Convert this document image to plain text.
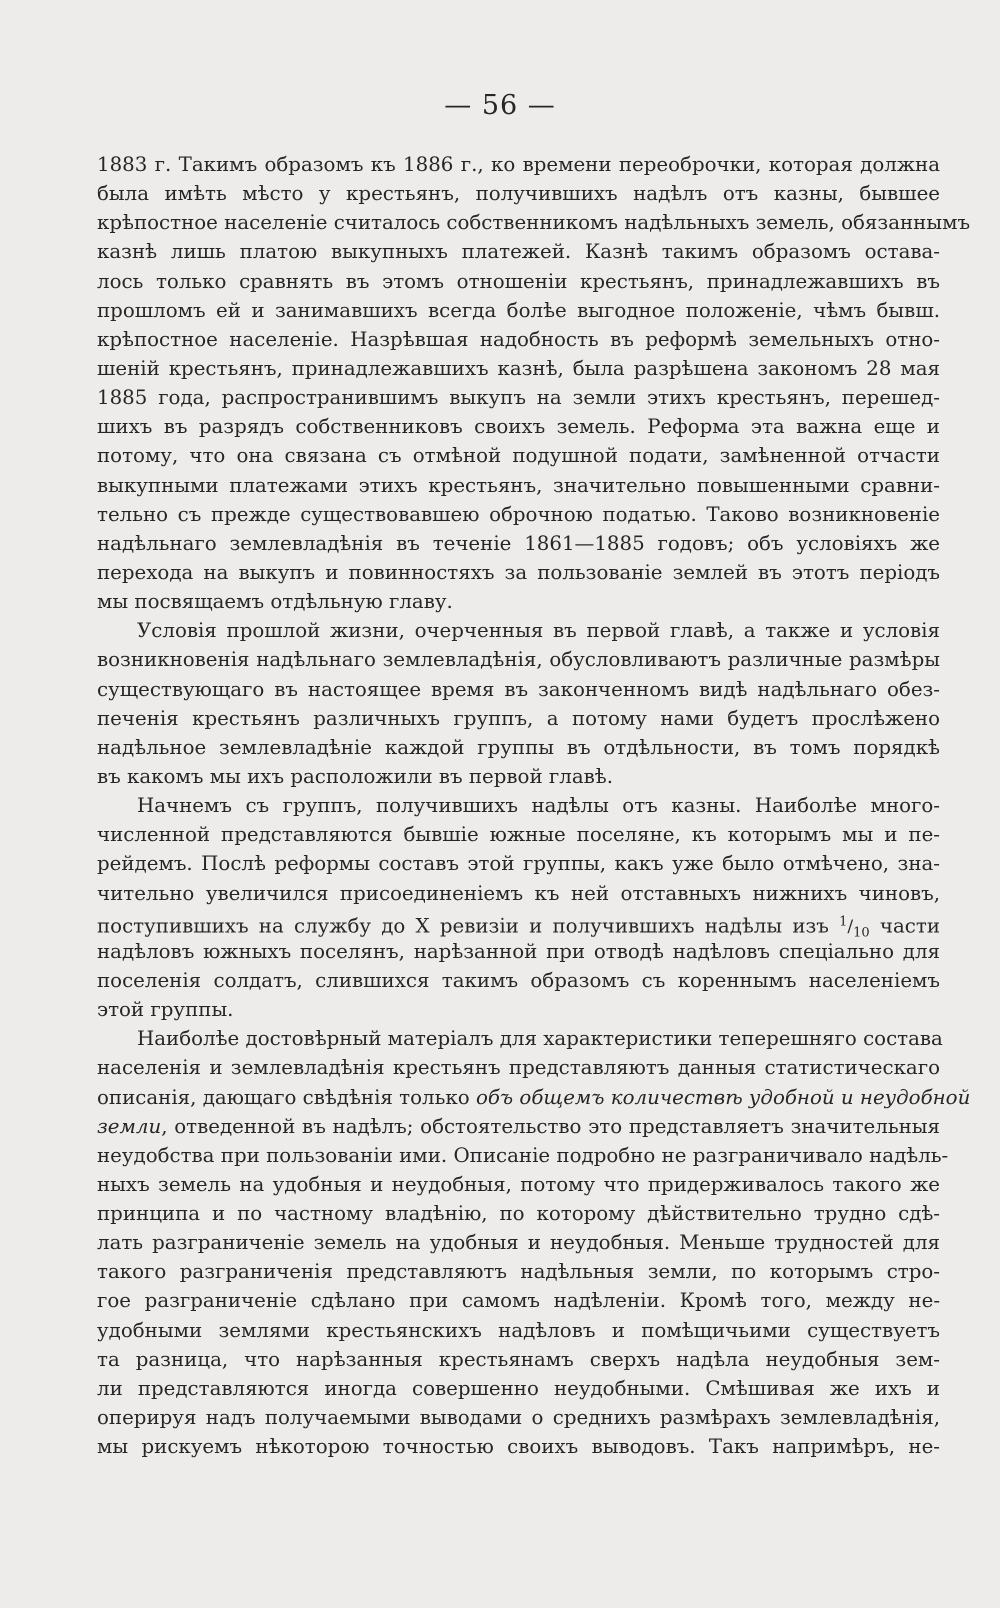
— 56 —
1883 г. Такимъ образомъ къ 1886 г., ко времени переоброчки, которая должна
была имѣть мѣсто у крестьянъ, получившихъ надѣлъ отъ казны, бывшее
крѣпостное населеніе считалось собственникомъ надѣльныхъ земель, обязаннымъ
казнѣ лишь платою выкупныхъ платежей. Казнѣ такимъ образомъ остава-
лось только сравнять въ этомъ отношеніи крестьянъ, принадлежавшихъ въ
прошломъ ей и занимавшихъ всегда болѣе выгодное положеніе, чѣмъ бывш.
крѣпостное населеніе. Назрѣвшая надобность въ реформѣ земельныхъ отно-
шеній крестьянъ, принадлежавшихъ казнѣ, была разрѣшена закономъ 28 мая
1885 года, распространившимъ выкупъ на земли этихъ крестьянъ, перешед-
шихъ въ разрядъ собственниковъ своихъ земель. Реформа эта важна еще и
потому, что она связана съ отмѣной подушной подати, замѣненной отчасти
выкупными платежами этихъ крестьянъ, значительно повышенными сравни-
тельно съ прежде существовавшею оброчною податью. Таково возникновеніе
надѣльнаго землевладѣнія въ теченіе 1861—1885 годовъ; объ условіяхъ же
перехода на выкупъ и повинностяхъ за пользованіе землей въ этотъ періодъ
мы посвящаемъ отдѣльную главу.
Условія прошлой жизни, очерченныя въ первой главѣ, а также и условія
возникновенія надѣльнаго землевладѣнія, обусловливаютъ различные размѣры
существующаго въ настоящее время въ законченномъ видѣ надѣльнаго обез-
печенія крестьянъ различныхъ группъ, а потому нами будетъ прослѣжено
надѣльное землевладѣніе каждой группы въ отдѣльности, въ томъ порядкѣ
въ какомъ мы ихъ расположили въ первой главѣ.
Начнемъ съ группъ, получившихъ надѣлы отъ казны. Наиболѣе много-
численной представляются бывшіе южные поселяне, къ которымъ мы и пе-
рейдемъ. Послѣ реформы составъ этой группы, какъ уже было отмѣчено, зна-
чительно увеличился присоединеніемъ къ ней отставныхъ нижнихъ чиновъ,
поступившихъ на службу до X ревизіи и получившихъ надѣлы изъ $^1/_{10}$ части
надѣловъ южныхъ поселянъ, нарѣзанной при отводѣ надѣловъ спеціально для
поселенія солдатъ, слившихся такимъ образомъ съ кореннымъ населеніемъ
этой группы.
Наиболѣе достовѣрный матеріалъ для характеристики теперешняго состава
населенія и землевладѣнія крестьянъ представляютъ данныя статистическаго
описанія, дающаго свѣдѣнія только объ общемъ количествѣ удобной и неудобной
земли, отведенной въ надѣлъ; обстоятельство это представляетъ значительныя
неудобства при пользованіи ими. Описаніе подробно не разграничивало надѣль-
ныхъ земель на удобныя и неудобныя, потому что придерживалось такого же
принципа и по частному владѣнію, по которому дѣйствительно трудно сдѣ-
лать разграниченіе земель на удобныя и неудобныя. Меньше трудностей для
такого разграниченія представляютъ надѣльныя земли, по которымъ стро-
гое разграниченіе сдѣлано при самомъ надѣленіи. Кромѣ того, между не-
удобными землями крестьянскихъ надѣловъ и помѣщичьими существуетъ
та разница, что нарѣзанныя крестьянамъ сверхъ надѣла неудобныя зем-
ли представляются иногда совершенно неудобными. Смѣшивая же ихъ и
оперируя надъ получаемыми выводами о среднихъ размѣрахъ землевладѣнія,
мы рискуемъ нѣкоторою точностью своихъ выводовъ. Такъ напримѣръ, не-
